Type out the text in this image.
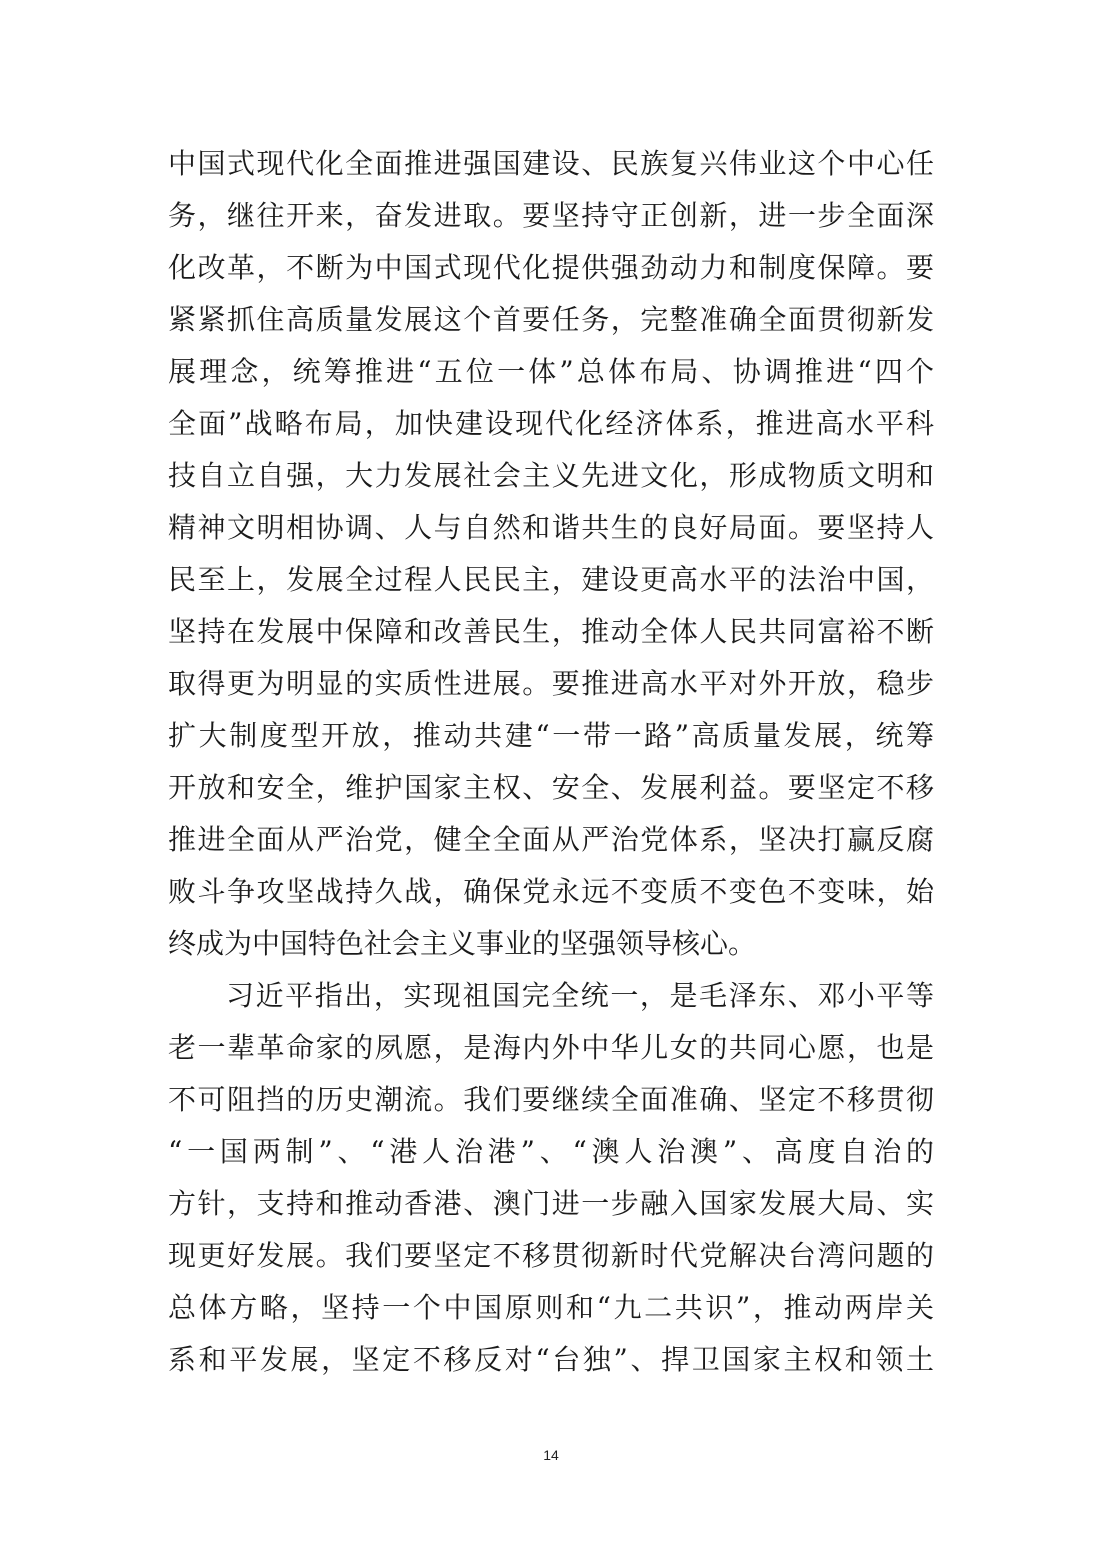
中国式现代化全面推进强国建设、民族复兴伟业这个中心任
务，继往开来，奋发进取。要坚持守正创新，进一步全面深
化改革，不断为中国式现代化提供强劲动力和制度保障。要
紧紧抓住高质量发展这个首要任务，完整准确全面贯彻新发
展理念，统筹推进“五位一体”总体布局、协调推进“四个
全面”战略布局，加快建设现代化经济体系，推进高水平科
技自立自强，大力发展社会主义先进文化，形成物质文明和
精神文明相协调、人与自然和谐共生的良好局面。要坚持人
民至上，发展全过程人民民主，建设更高水平的法治中国，
坚持在发展中保障和改善民生，推动全体人民共同富裕不断
取得更为明显的实质性进展。要推进高水平对外开放，稳步
扩大制度型开放，推动共建“一带一路”高质量发展，统筹
开放和安全，维护国家主权、安全、发展利益。要坚定不移
推进全面从严治党，健全全面从严治党体系，坚决打赢反腐
败斗争攻坚战持久战，确保党永远不变质不变色不变味，始
终成为中国特色社会主义事业的坚强领导核心。
习近平指出，实现祖国完全统一，是毛泽东、邓小平等
老一辈革命家的夙愿，是海内外中华儿女的共同心愿，也是
不可阻挡的历史潮流。我们要继续全面准确、坚定不移贯彻
“一国两制”、“港人治港”、“澳人治澳”、高度自治的
方针，支持和推动香港、澳门进一步融入国家发展大局、实
现更好发展。我们要坚定不移贯彻新时代党解决台湾问题的
总体方略，坚持一个中国原则和“九二共识”，推动两岸关
系和平发展，坚定不移反对“台独”、捍卫国家主权和领土
14
